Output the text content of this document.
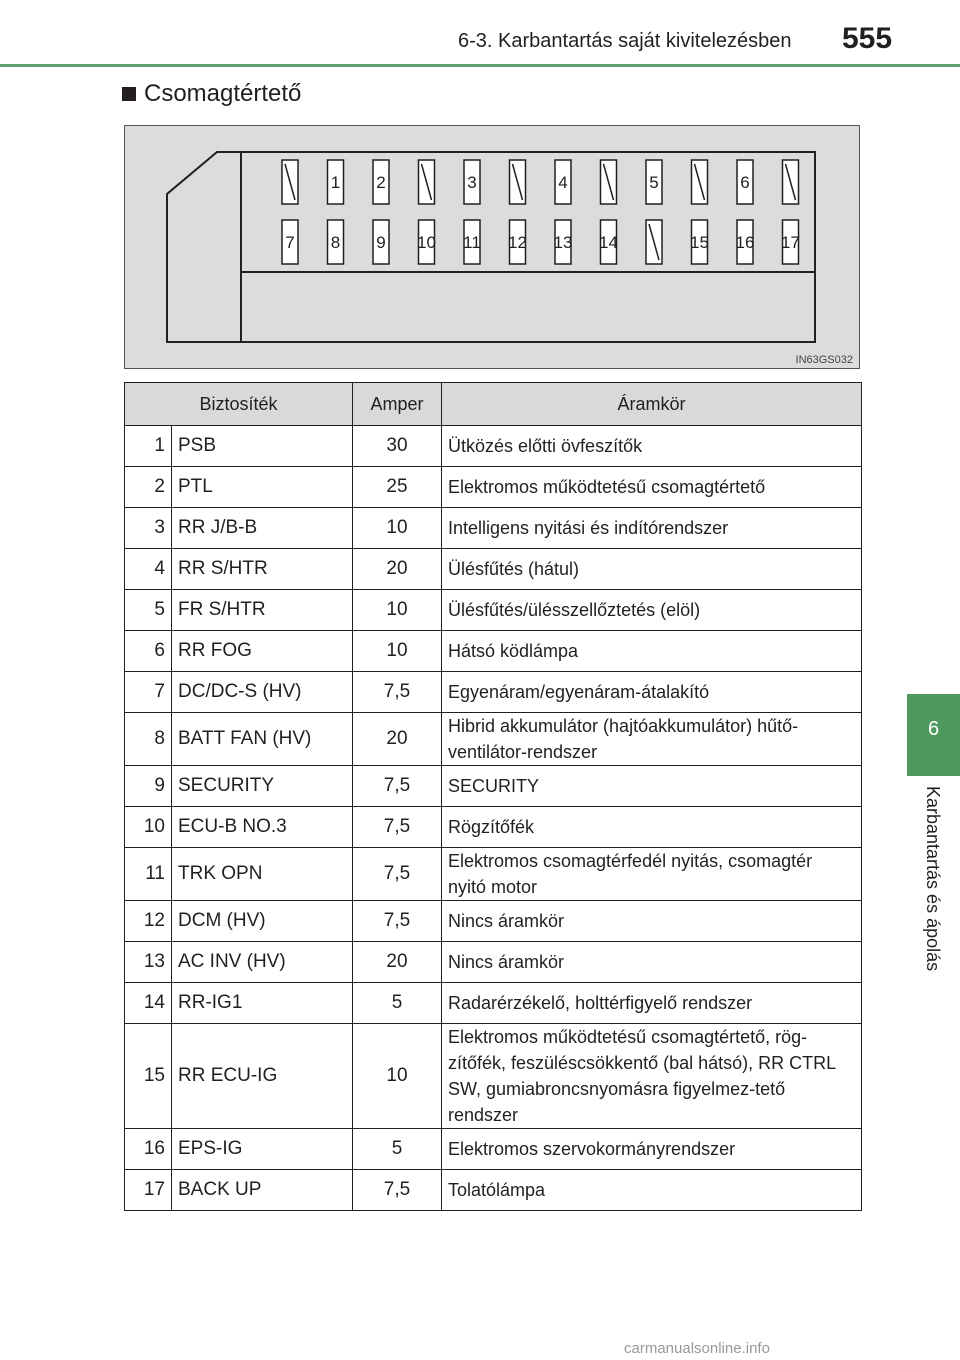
6-3. Karbantartás saját kivitelezésben 555
6
Karbantartás és ápolás
Csomagtértető
1 2	3	4	5	6
7 8 9 10 11 12 13 14	15 16 17
IN63GS032
Biztosíték		Amper	Áramkör
1	PSB	30	Ütközés előtti övfeszítők
2	PTL	25	Elektromos működtetésű csomagtértető
3	RR J/B-B	10	Intelligens nyitási és indítórendszer
4	RR S/HTR	20	Ülésfűtés (hátul)
5	FR S/HTR	10	Ülésfűtés/ülésszellőztetés (elöl)
6	RR FOG	10	Hátsó ködlámpa
7	DC/DC-S (HV)	7,5	Egyenáram/egyenáram-átalakító
8	BATT FAN (HV)	20	Hibrid akkumulátor (hajtóakkumulátor) hűtő-ventilátor-rendszer
9	SECURITY	7,5	SECURITY
10	ECU-B NO.3	7,5	Rögzítőfék
11	TRK OPN	7,5	Elektromos csomagtérfedél nyitás, csomagtér nyitó motor
12	DCM (HV)	7,5	Nincs áramkör
13	AC INV (HV)	20	Nincs áramkör
14	RR-IG1	5	Radarérzékelő, holttérfigyelő rendszer
15	RR ECU-IG	10	Elektromos működtetésű csomagtértető, rög-zítőfék, feszüléscsökkentő (bal hátsó), RR CTRL SW, gumiabroncsnyomásra figyelmez-tető rendszer
16	EPS-IG	5	Elektromos szervokormányrendszer
17	BACK UP	7,5	Tolatólámpa
carmanualsonline.info
